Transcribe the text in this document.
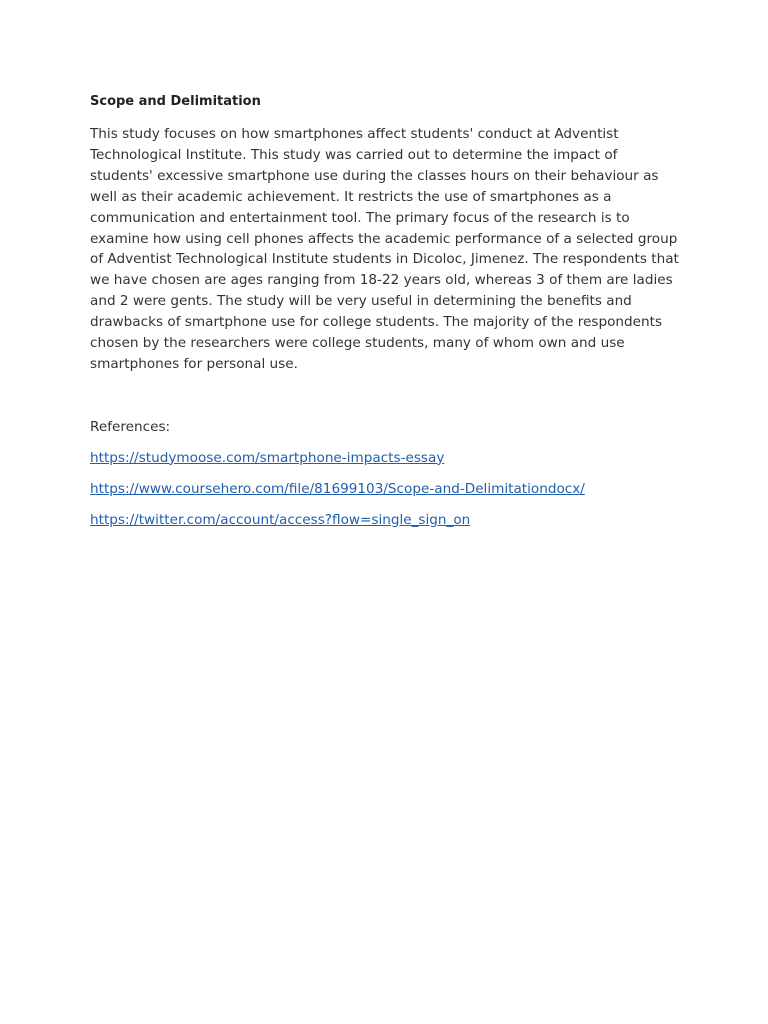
Scope and Delimitation

This study focuses on how smartphones affect students' conduct at Adventist Technological Institute. This study was carried out to determine the impact of students' excessive smartphone use during the classes hours on their behaviour as well as their academic achievement. It restricts the use of smartphones as a communication and entertainment tool. The primary focus of the research is to examine how using cell phones affects the academic performance of a selected group of Adventist Technological Institute students in Dicoloc, Jimenez. The respondents that we have chosen are ages ranging from 18-22 years old, whereas 3 of them are ladies and 2 were gents. The study will be very useful in determining the benefits and drawbacks of smartphone use for college students. The majority of the respondents chosen by the researchers were college students, many of whom own and use smartphones for personal use.

References:

https://studymoose.com/smartphone-impacts-essay
https://www.coursehero.com/file/81699103/Scope-and-Delimitationdocx/
https://twitter.com/account/access?flow=single_sign_on
